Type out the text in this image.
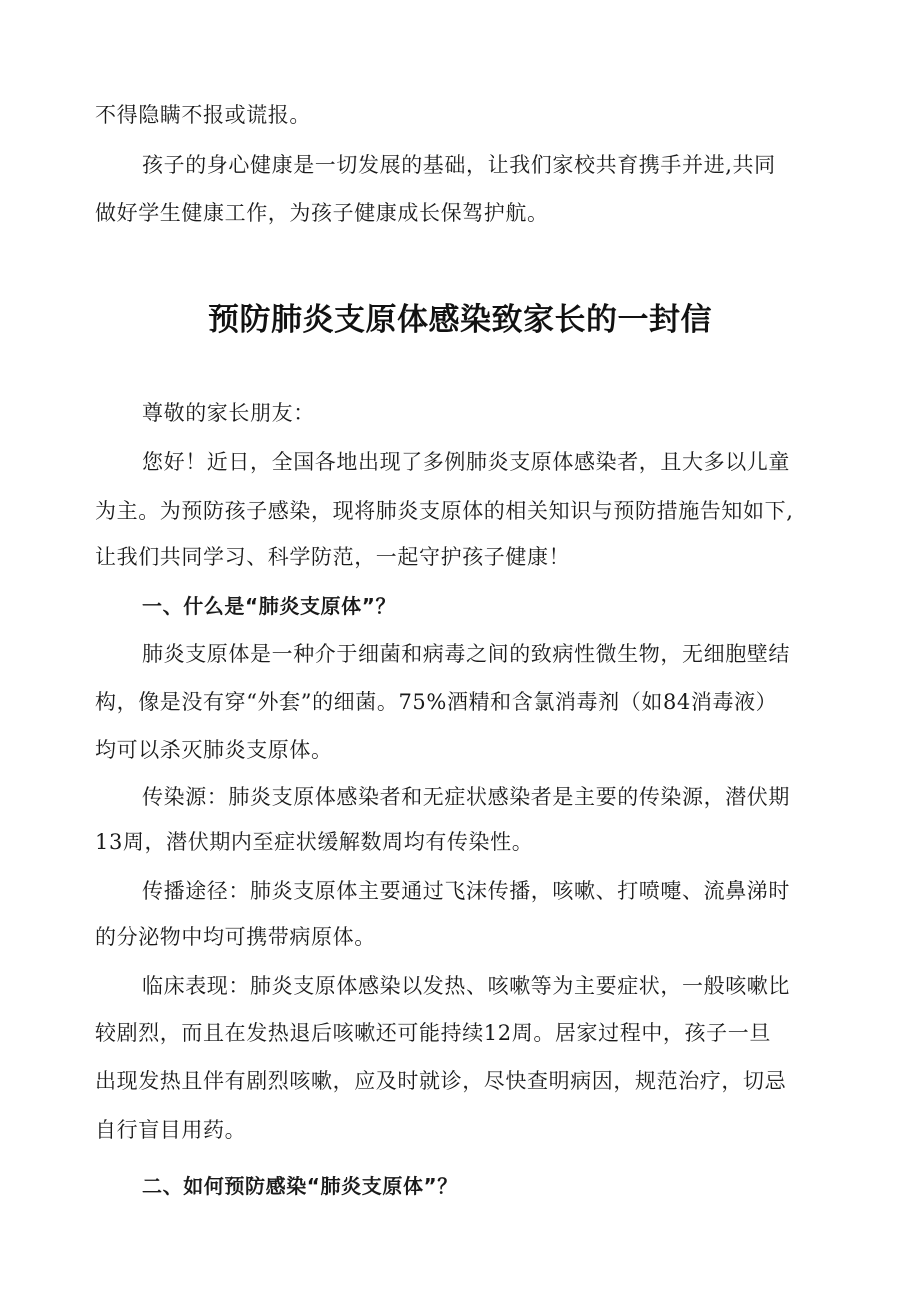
不得隐瞒不报或谎报。
孩子的身心健康是一切发展的基础，让我们家校共育携手并进,共同
做好学生健康工作，为孩子健康成长保驾护航。
预防肺炎支原体感染致家长的一封信
尊敬的家长朋友：
您好！近日，全国各地出现了多例肺炎支原体感染者，且大多以儿童
为主。为预防孩子感染，现将肺炎支原体的相关知识与预防措施告知如下,
让我们共同学习、科学防范，一起守护孩子健康！
一、什么是“肺炎支原体”？
肺炎支原体是一种介于细菌和病毒之间的致病性微生物，无细胞壁结
构，像是没有穿“外套”的细菌。75%酒精和含氯消毒剂（如84消毒液）
均可以杀灭肺炎支原体。
传染源：肺炎支原体感染者和无症状感染者是主要的传染源，潜伏期
13周，潜伏期内至症状缓解数周均有传染性。
传播途径：肺炎支原体主要通过飞沫传播，咳嗽、打喷嚏、流鼻涕时
的分泌物中均可携带病原体。
临床表现：肺炎支原体感染以发热、咳嗽等为主要症状，一般咳嗽比
较剧烈，而且在发热退后咳嗽还可能持续12周。居家过程中，孩子一旦
出现发热且伴有剧烈咳嗽，应及时就诊，尽快查明病因，规范治疗，切忌
自行盲目用药。
二、如何预防感染“肺炎支原体”？
